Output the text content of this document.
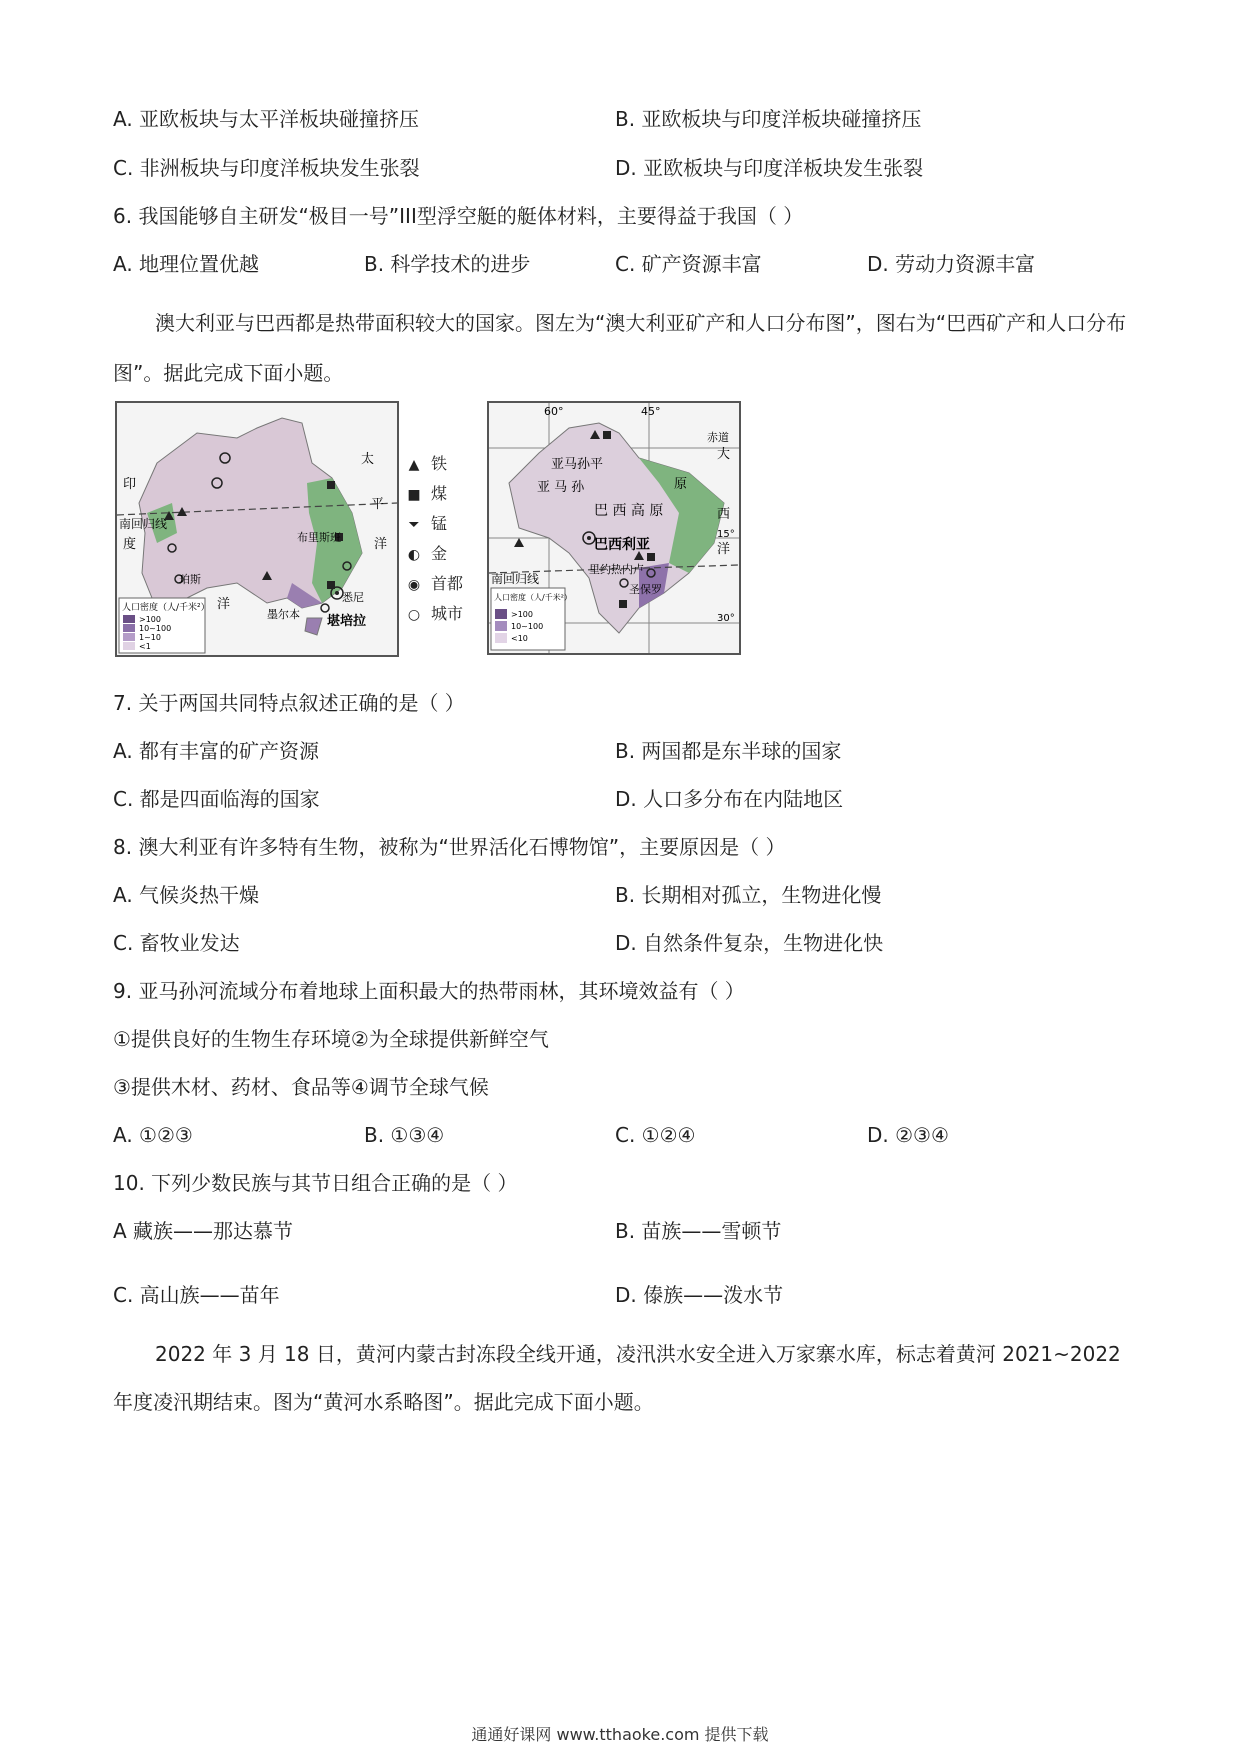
A. 亚欧板块与太平洋板块碰撞挤压	B. 亚欧板块与印度洋板块碰撞挤压
C. 非洲板块与印度洋板块发生张裂	D. 亚欧板块与印度洋板块发生张裂
6. 我国能够自主研发“极目一号”III型浮空艇的艇体材料，主要得益于我国（ ）
A. 地理位置优越	B. 科学技术的进步	C. 矿产资源丰富	D. 劳动力资源丰富
澳大利亚与巴西都是热带面积较大的国家。图左为“澳大利亚矿产和人口分布图”，图右为“巴西矿产和人口分布图”。据此完成下面小题。
太
平
洋
印
度
洋
南回归线
珀斯
布里斯班
悉尼
墨尔本 堪培拉
人口密度（人/千米²）
>100
10~100
1~10
<1
▲ 铁
■ 煤
⏷ 锰
◐ 金
◉ 首都
○ 城市
60°	45°
赤道
亚马孙平
亚 马 孙	原
巴 西 高 原
巴西利亚
里约热内卢
圣保罗
南回归线
大
西
洋
15°
30°
人口密度（人/千米²）
>100
10~100
<10
7. 关于两国共同特点叙述正确的是（ ）
A. 都有丰富的矿产资源	B. 两国都是东半球的国家
C. 都是四面临海的国家	D. 人口多分布在内陆地区
8. 澳大利亚有许多特有生物，被称为“世界活化石博物馆”，主要原因是（ ）
A. 气候炎热干燥	B. 长期相对孤立，生物进化慢
C. 畜牧业发达	D. 自然条件复杂，生物进化快
9. 亚马孙河流域分布着地球上面积最大的热带雨林，其环境效益有（ ）
①提供良好的生物生存环境②为全球提供新鲜空气
③提供木材、药材、食品等④调节全球气候
A. ①②③	B. ①③④	C. ①②④	D. ②③④
10. 下列少数民族与其节日组合正确的是（ ）
A 藏族——那达慕节	B. 苗族——雪顿节
C. 高山族——苗年	D. 傣族——泼水节
2022 年 3 月 18 日，黄河内蒙古封冻段全线开通，凌汛洪水安全进入万家寨水库，标志着黄河 2021~2022 年度凌汛期结束。图为“黄河水系略图”。据此完成下面小题。
通通好课网 www.tthaoke.com 提供下载
